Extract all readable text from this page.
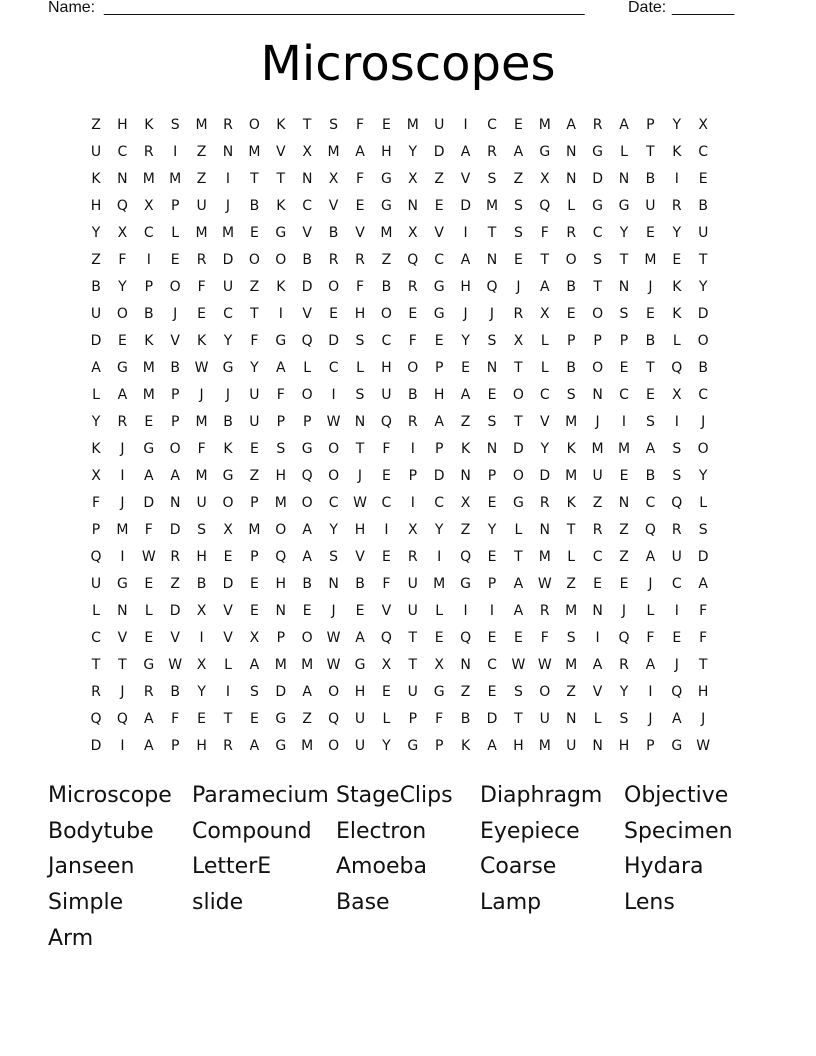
Name: ______________________________________________________	Date: _______
Microscopes
Z	H	K	S	M	R	O	K	T	S	F	E	M	U	I	C	E	M	A	R	A	P	Y	X
U	C	R	I	Z	N	M	V	X	M	A	H	Y	D	A	R	A	G	N	G	L	T	K	C
K	N	M	M	Z	I	T	T	N	X	F	G	X	Z	V	S	Z	X	N	D	N	B	I	E
H	Q	X	P	U	J	B	K	C	V	E	G	N	E	D	M	S	Q	L	G	G	U	R	B
Y	X	C	L	M	M	E	G	V	B	V	M	X	V	I	T	S	F	R	C	Y	E	Y	U
Z	F	I	E	R	D	O	O	B	R	R	Z	Q	C	A	N	E	T	O	S	T	M	E	T
B	Y	P	O	F	U	Z	K	D	O	F	B	R	G	H	Q	J	A	B	T	N	J	K	Y
U	O	B	J	E	C	T	I	V	E	H	O	E	G	J	J	R	X	E	O	S	E	K	D
D	E	K	V	K	Y	F	G	Q	D	S	C	F	E	Y	S	X	L	P	P	P	B	L	O
A	G	M	B	W	G	Y	A	L	C	L	H	O	P	E	N	T	L	B	O	E	T	Q	B
L	A	M	P	J	J	U	F	O	I	S	U	B	H	A	E	O	C	S	N	C	E	X	C
Y	R	E	P	M	B	U	P	P	W	N	Q	R	A	Z	S	T	V	M	J	I	S	I	J
K	J	G	O	F	K	E	S	G	O	T	F	I	P	K	N	D	Y	K	M	M	A	S	O
X	I	A	A	M	G	Z	H	Q	O	J	E	P	D	N	P	O	D	M	U	E	B	S	Y
F	J	D	N	U	O	P	M	O	C	W	C	I	C	X	E	G	R	K	Z	N	C	Q	L
P	M	F	D	S	X	M	O	A	Y	H	I	X	Y	Z	Y	L	N	T	R	Z	Q	R	S
Q	I	W	R	H	E	P	Q	A	S	V	E	R	I	Q	E	T	M	L	C	Z	A	U	D
U	G	E	Z	B	D	E	H	B	N	B	F	U	M	G	P	A	W	Z	E	E	J	C	A
L	N	L	D	X	V	E	N	E	J	E	V	U	L	I	I	A	R	M	N	J	L	I	F
C	V	E	V	I	V	X	P	O W	A	Q	T	E	Q	E	E	F	S	I	Q	F	E	F
T	T	G	W	X	L	A	M	M W	G	X	T	X	N	C	W W M	A	R	A	J	T
R	J	R	B	Y	I	S	D	A	O	H	E	U	G	Z	E	S	O	Z	V	Y	I	Q	H
Q	Q	A	F	E	T	E	G	Z	Q	U	L	P	F	B	D	T	U	N	L	S	J	A	J
D	I	A	P	H	R	A	G	M	O	U	Y	G	P	K	A	H	M	U	N	H	P	G	W
Microscope Paramecium StageClips Diaphragm Objective
Bodytube Compound Electron Eyepiece Specimen
Janseen	LetterE	Amoeba Coarse	Hydara
Simple	slide	Base	Lamp	Lens
Arm
